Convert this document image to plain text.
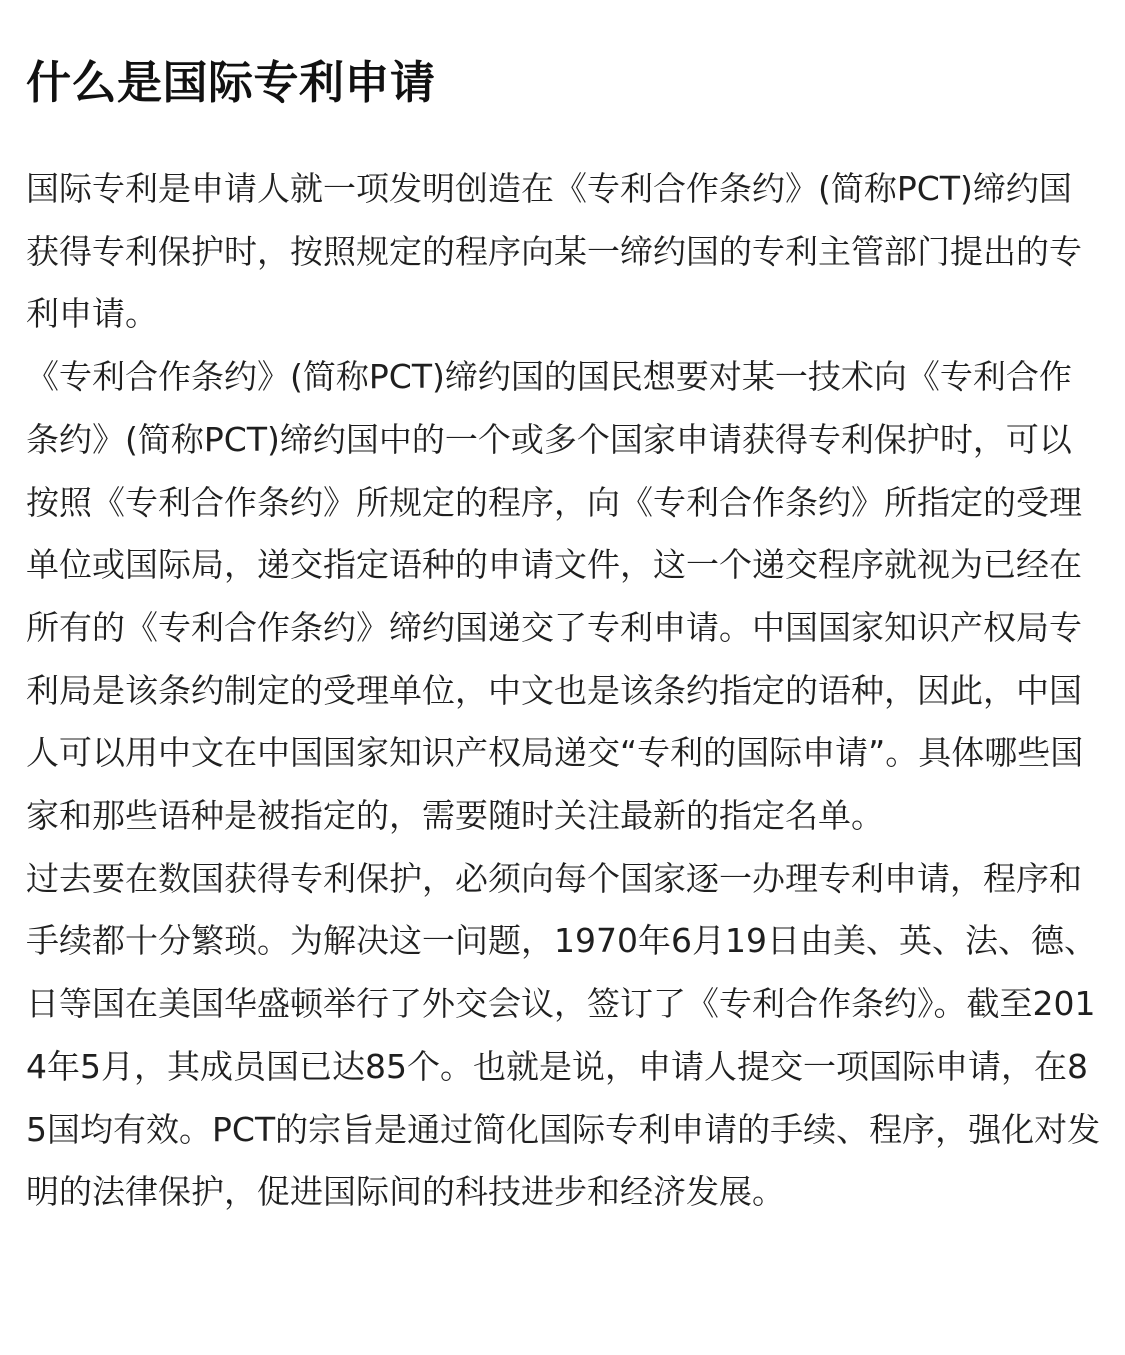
什么是国际专利申请

国际专利是申请人就一项发明创造在《专利合作条约》(简称PCT)缔约国获得专利保护时，按照规定的程序向某一缔约国的专利主管部门提出的专利申请。

《专利合作条约》(简称PCT)缔约国的国民想要对某一技术向《专利合作条约》(简称PCT)缔约国中的一个或多个国家申请获得专利保护时，可以按照《专利合作条约》所规定的程序，向《专利合作条约》所指定的受理单位或国际局，递交指定语种的申请文件，这一个递交程序就视为已经在所有的《专利合作条约》缔约国递交了专利申请。中国国家知识产权局专利局是该条约制定的受理单位，中文也是该条约指定的语种，因此，中国人可以用中文在中国国家知识产权局递交“专利的国际申请”。具体哪些国家和那些语种是被指定的，需要随时关注最新的指定名单。

过去要在数国获得专利保护，必须向每个国家逐一办理专利申请，程序和手续都十分繁琐。为解决这一问题，1970年6月19日由美、英、法、德、日等国在美国华盛顿举行了外交会议，签订了《专利合作条约》。截至2014年5月，其成员国已达85个。也就是说，申请人提交一项国际申请，在85国均有效。PCT的宗旨是通过简化国际专利申请的手续、程序，强化对发明的法律保护，促进国际间的科技进步和经济发展。
